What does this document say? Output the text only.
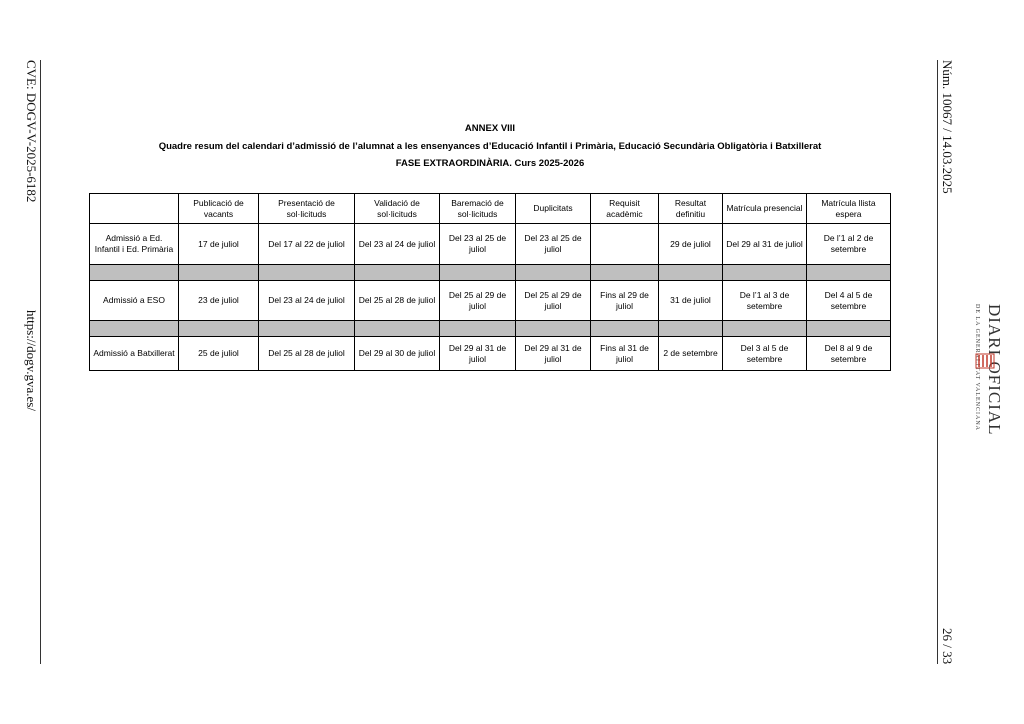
CVE: DOGV-V-2025-6182
https://dogv.gva.es/
Núm. 10067 / 14.03.2025
26 / 33
DIARI OFICIAL
DE LA GENERALITAT VALENCIANA
ANNEX VIII
Quadre resum del calendari d’admissió de l’alumnat a les ensenyances d’Educació Infantil i Primària, Educació Secundària Obligatòria i Batxillerat
FASE EXTRAORDINÀRIA. Curs 2025-2026
	Publicació de vacants	Presentació de sol·licituds	Validació de sol·licituds	Baremació de sol·licituds	Duplicitats	Requisit acadèmic	Resultat definitiu	Matrícula presencial	Matrícula llista espera
Admissió a Ed. Infantil i Ed. Primària	17 de juliol	Del 17 al 22 de juliol	Del 23 al 24 de juliol	Del 23 al 25 de juliol	Del 23 al 25 de juliol		29 de juliol	Del 29 al 31 de juliol	De l’1 al 2 de setembre

Admissió a ESO	23 de juliol	Del 23 al 24 de juliol	Del 25 al 28 de juliol	Del 25 al 29 de juliol	Del 25 al 29 de juliol	Fins al 29 de juliol	31 de juliol	De l’1 al 3 de setembre	Del 4 al 5 de setembre

Admissió a Batxillerat	25 de juliol	Del 25 al 28 de juliol	Del 29 al 30 de juliol	Del 29 al 31 de juliol	Del 29 al 31 de juliol	Fins al 31 de juliol	2 de setembre	Del 3 al 5 de setembre	Del 8 al 9 de setembre
